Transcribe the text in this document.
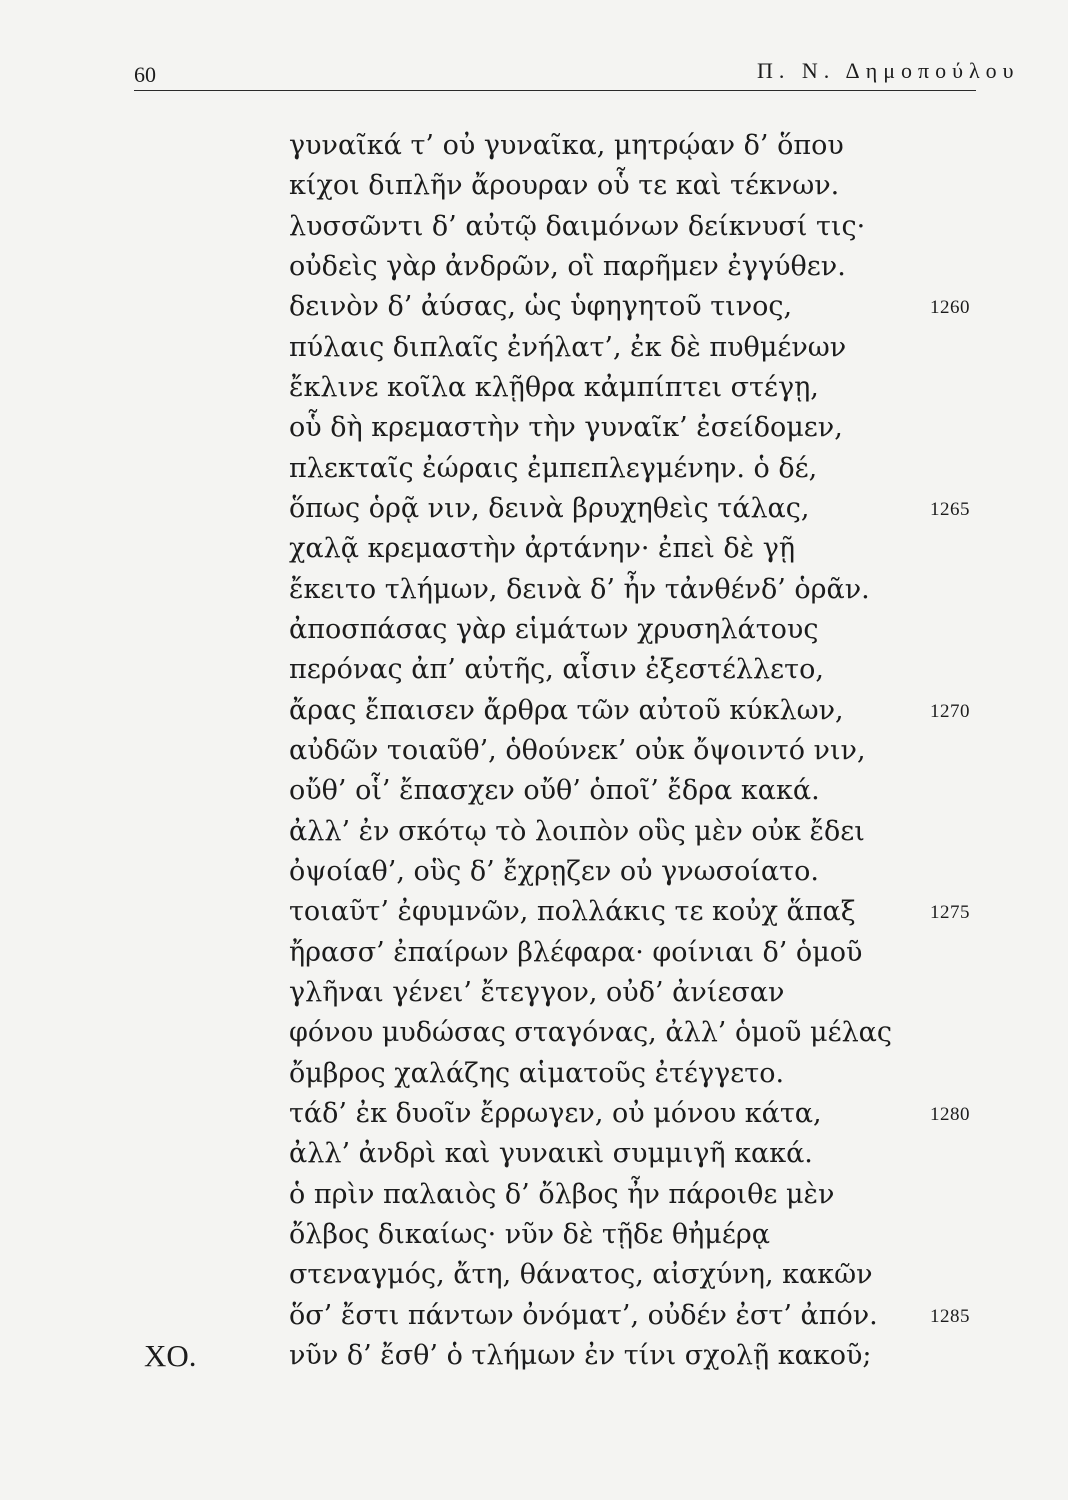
60	Π. Ν. Δημοπούλου
γυναῖκά τ’ οὐ γυναῖκα, μητρῴαν δ’ ὅπου
κίχοι διπλῆν ἄρουραν οὗ τε καὶ τέκνων.
λυσσῶντι δ’ αὐτῷ δαιμόνων δείκνυσί τις·
οὐδεὶς γὰρ ἀνδρῶν, οἳ παρῆμεν ἐγγύθεν.
δεινὸν δ’ ἀύσας, ὡς ὑφηγητοῦ τινος,	1260
πύλαις διπλαῖς ἐνήλατ’, ἐκ δὲ πυθμένων
ἔκλινε κοῖλα κλῇθρα κἀμπίπτει στέγῃ,
οὗ δὴ κρεμαστὴν τὴν γυναῖκ’ ἐσείδομεν,
πλεκταῖς ἐώραις ἐμπεπλεγμένην. ὁ δέ,
ὅπως ὁρᾷ νιν, δεινὰ βρυχηθεὶς τάλας,	1265
χαλᾷ κρεμαστὴν ἀρτάνην· ἐπεὶ δὲ γῇ
ἔκειτο τλήμων, δεινὰ δ’ ἦν τἀνθένδ’ ὁρᾶν.
ἀποσπάσας γὰρ εἱμάτων χρυσηλάτους
περόνας ἀπ’ αὐτῆς, αἷσιν ἐξεστέλλετο,
ἄρας ἔπαισεν ἄρθρα τῶν αὐτοῦ κύκλων,	1270
αὐδῶν τοιαῦθ’, ὁθούνεκ’ οὐκ ὄψοιντό νιν,
οὔθ’ οἷ’ ἔπασχεν οὔθ’ ὁποῖ’ ἔδρα κακά.
ἀλλ’ ἐν σκότῳ τὸ λοιπὸν οὓς μὲν οὐκ ἔδει
ὀψοίαθ’, οὓς δ’ ἔχρῃζεν οὐ γνωσοίατο.
τοιαῦτ’ ἐφυμνῶν, πολλάκις τε κοὐχ ἅπαξ	1275
ἤρασσ’ ἐπαίρων βλέφαρα· φοίνιαι δ’ ὁμοῦ
γλῆναι γένει’ ἔτεγγον, οὐδ’ ἀνίεσαν
φόνου μυδώσας σταγόνας, ἀλλ’ ὁμοῦ μέλας
ὄμβρος χαλάζης αἱματοῦς ἐτέγγετο.
τάδ’ ἐκ δυοῖν ἔρρωγεν, οὐ μόνου κάτα,	1280
ἀλλ’ ἀνδρὶ καὶ γυναικὶ συμμιγῆ κακά.
ὁ πρὶν παλαιὸς δ’ ὄλβος ἦν πάροιθε μὲν
ὄλβος δικαίως· νῦν δὲ τῇδε θἠμέρᾳ
στεναγμός, ἄτη, θάνατος, αἰσχύνη, κακῶν
ὅσ’ ἔστι πάντων ὀνόματ’, οὐδέν ἐστ’ ἀπόν.	1285
ΧΟ.	νῦν δ’ ἔσθ’ ὁ τλήμων ἐν τίνι σχολῇ κακοῦ;
